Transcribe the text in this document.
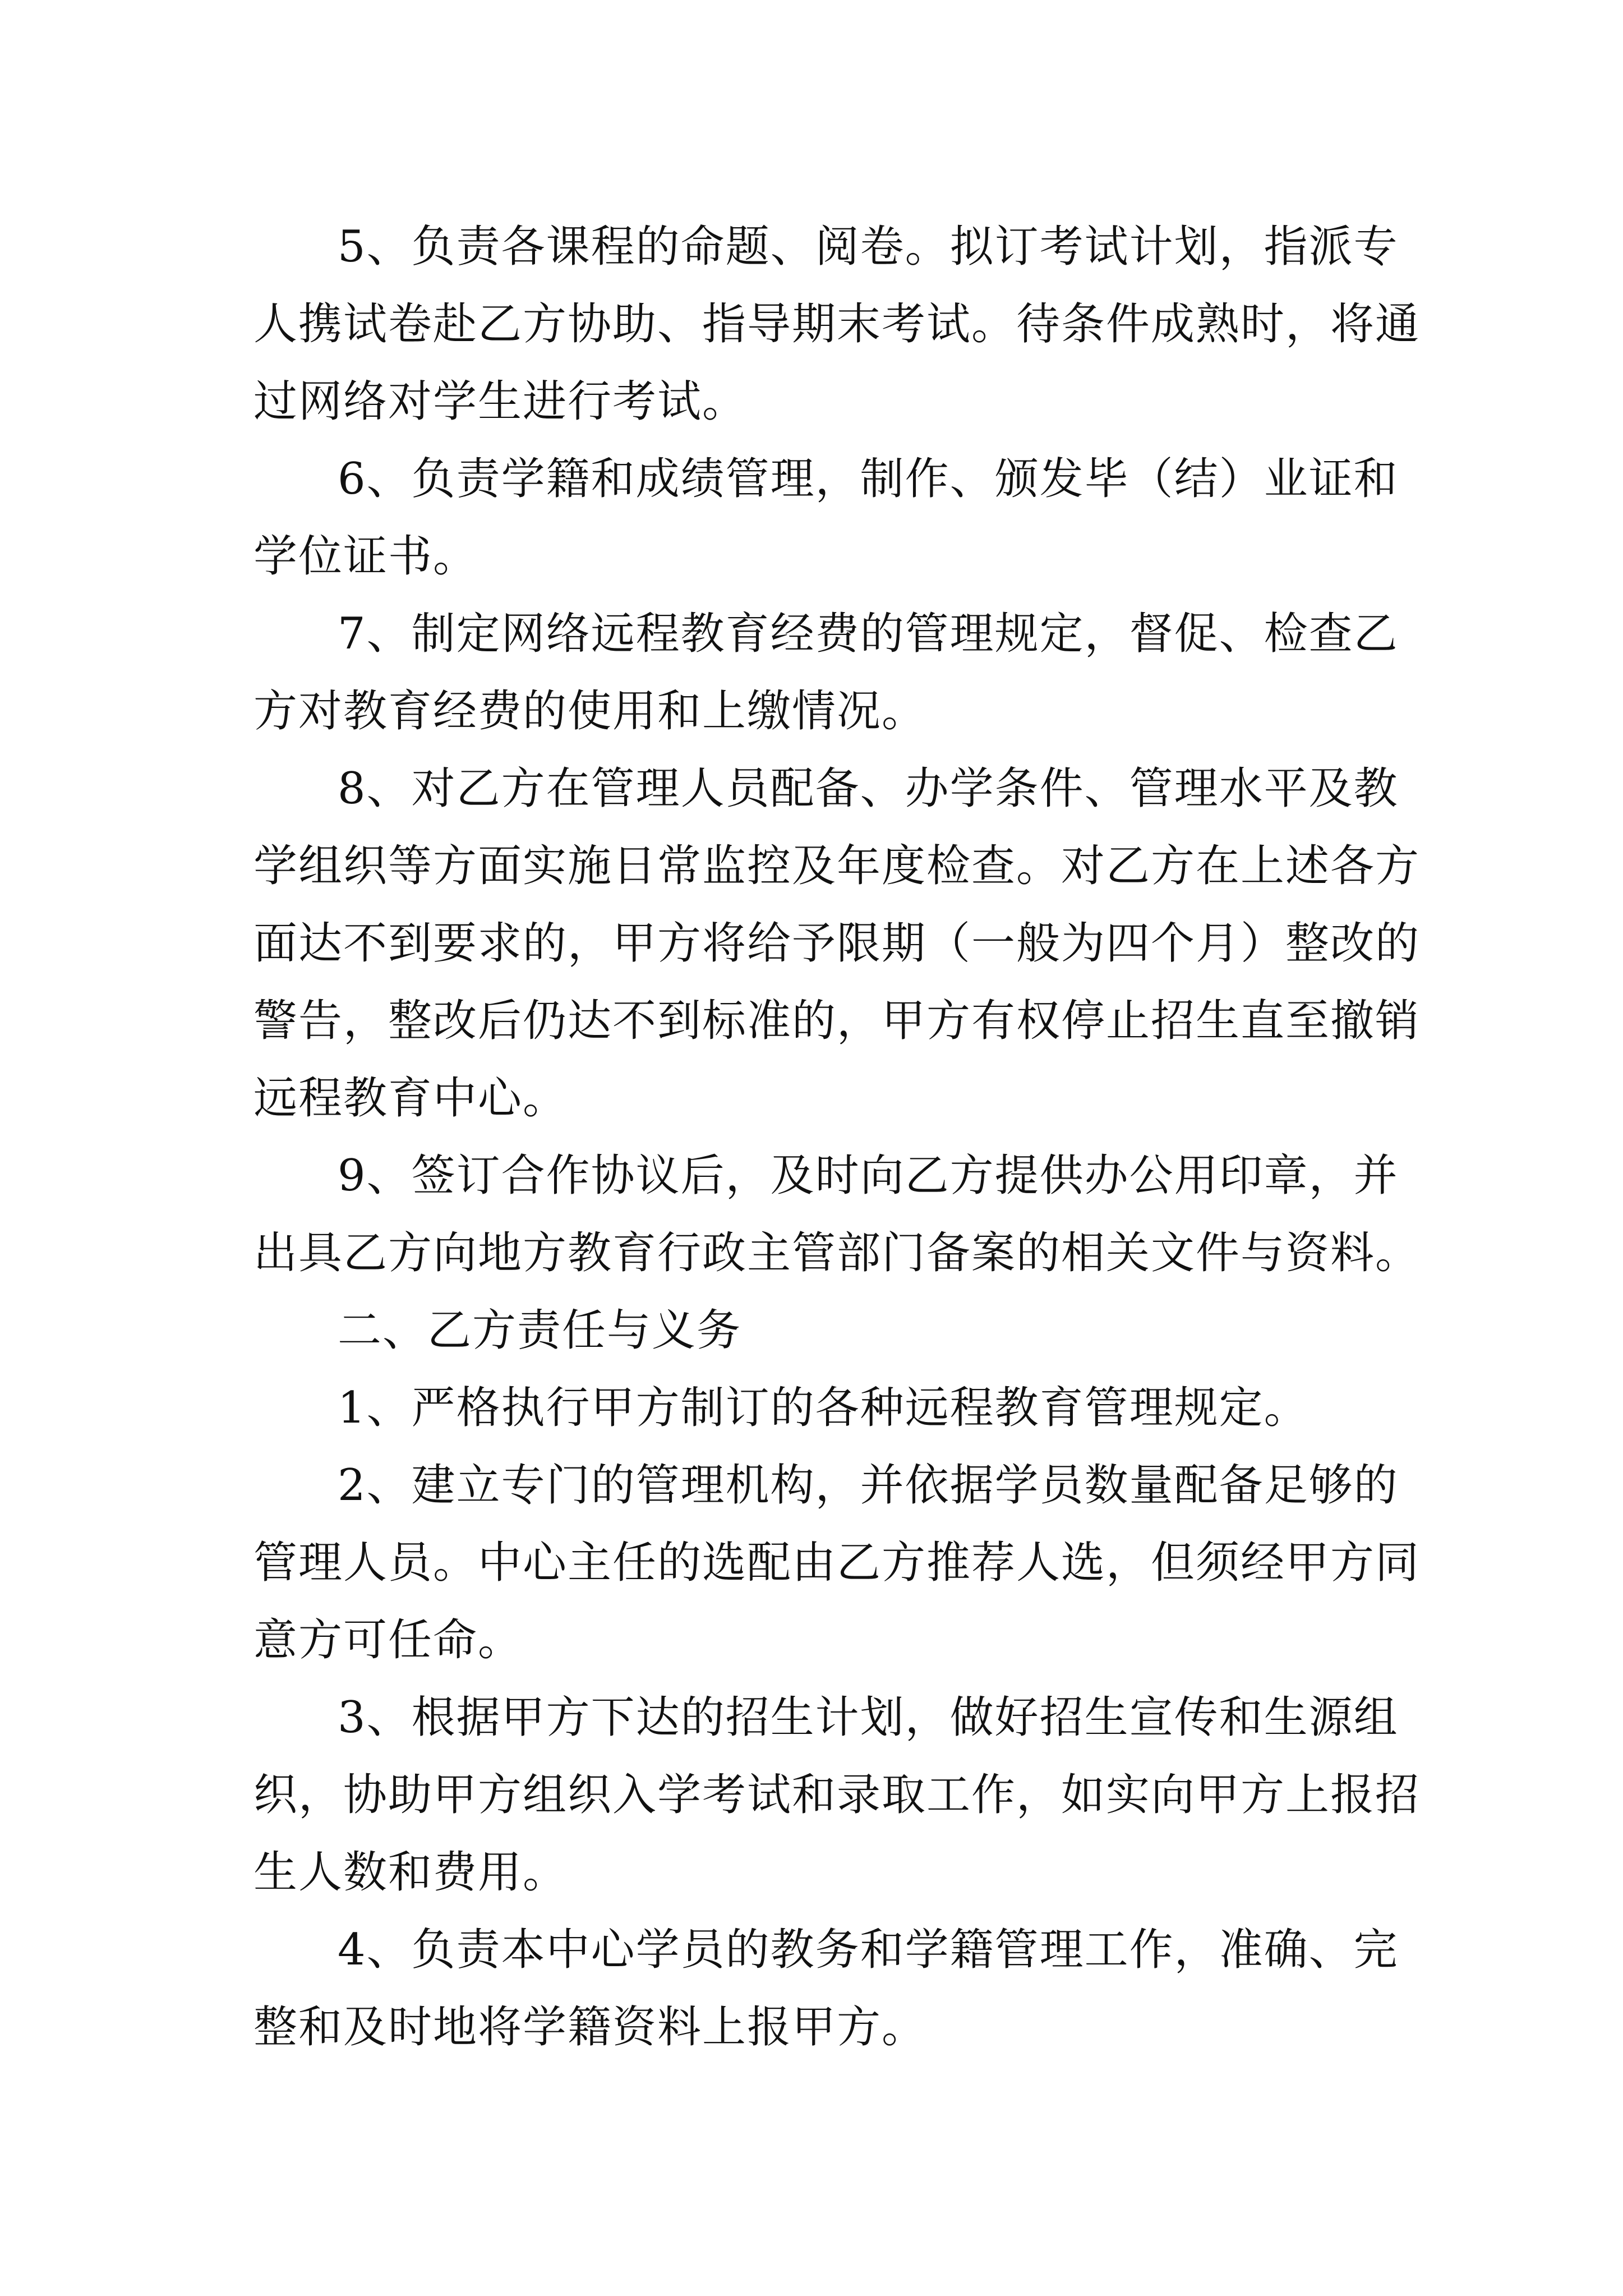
5、负责各课程的命题、阅卷。拟订考试计划，指派专
人携试卷赴乙方协助、指导期末考试。待条件成熟时，将通
过网络对学生进行考试。
6、负责学籍和成绩管理，制作、颁发毕（结）业证和
学位证书。
7、制定网络远程教育经费的管理规定，督促、检查乙
方对教育经费的使用和上缴情况。
8、对乙方在管理人员配备、办学条件、管理水平及教
学组织等方面实施日常监控及年度检查。对乙方在上述各方
面达不到要求的，甲方将给予限期（一般为四个月）整改的
警告，整改后仍达不到标准的，甲方有权停止招生直至撤销
远程教育中心。
9、签订合作协议后，及时向乙方提供办公用印章，并
出具乙方向地方教育行政主管部门备案的相关文件与资料。
二、乙方责任与义务
1、严格执行甲方制订的各种远程教育管理规定。
2、建立专门的管理机构，并依据学员数量配备足够的
管理人员。中心主任的选配由乙方推荐人选，但须经甲方同
意方可任命。
3、根据甲方下达的招生计划，做好招生宣传和生源组
织，协助甲方组织入学考试和录取工作，如实向甲方上报招
生人数和费用。
4、负责本中心学员的教务和学籍管理工作，准确、完
整和及时地将学籍资料上报甲方。
